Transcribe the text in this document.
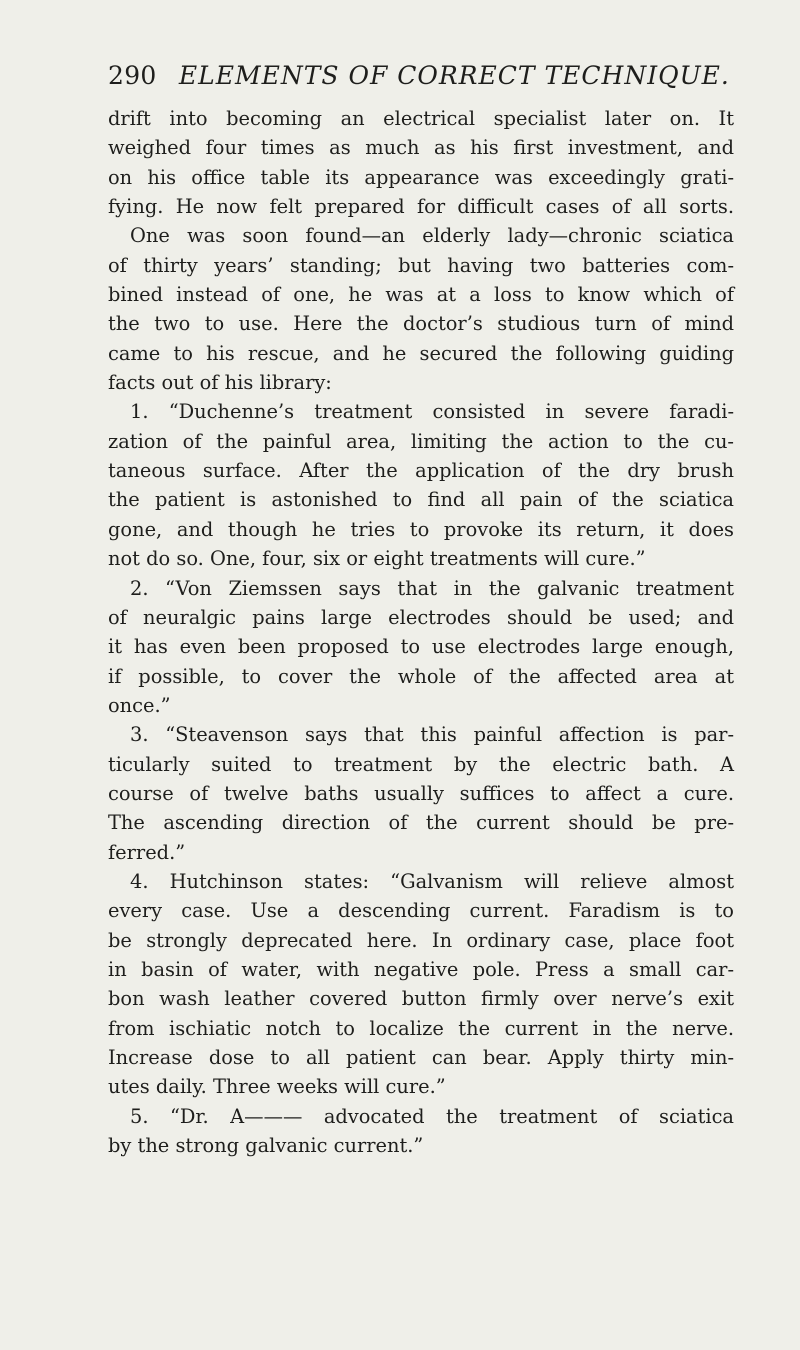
290 ELEMENTS OF CORRECT TECHNIQUE.
drift into becoming an electrical specialist later on. It
weighed four times as much as his first investment, and
on his office table its appearance was exceedingly grati-
fying. He now felt prepared for difficult cases of all sorts.
One was soon found—an elderly lady—chronic sciatica
of thirty years’ standing; but having two batteries com-
bined instead of one, he was at a loss to know which of
the two to use. Here the doctor’s studious turn of mind
came to his rescue, and he secured the following guiding
facts out of his library:
1. “Duchenne’s treatment consisted in severe faradi-
zation of the painful area, limiting the action to the cu-
taneous surface. After the application of the dry brush
the patient is astonished to find all pain of the sciatica
gone, and though he tries to provoke its return, it does
not do so. One, four, six or eight treatments will cure.”
2. “Von Ziemssen says that in the galvanic treatment
of neuralgic pains large electrodes should be used; and
it has even been proposed to use electrodes large enough,
if possible, to cover the whole of the affected area at
once.”
3. “Steavenson says that this painful affection is par-
ticularly suited to treatment by the electric bath. A
course of twelve baths usually suffices to affect a cure.
The ascending direction of the current should be pre-
ferred.”
4. Hutchinson states: “Galvanism will relieve almost
every case. Use a descending current. Faradism is to
be strongly deprecated here. In ordinary case, place foot
in basin of water, with negative pole. Press a small car-
bon wash leather covered button firmly over nerve’s exit
from ischiatic notch to localize the current in the nerve.
Increase dose to all patient can bear. Apply thirty min-
utes daily. Three weeks will cure.”
5. “Dr. A——— advocated the treatment of sciatica
by the strong galvanic current.”
